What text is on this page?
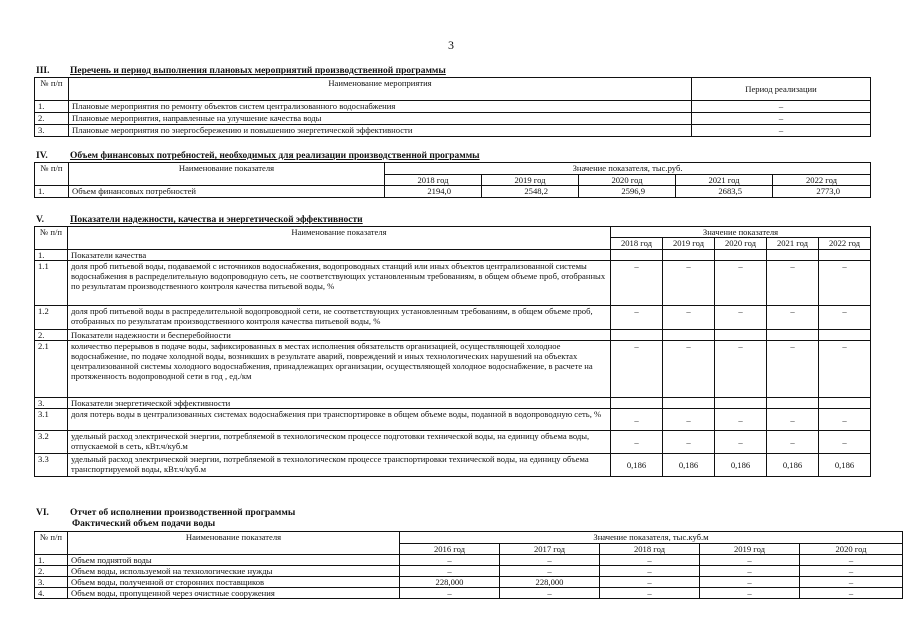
3
III. Перечень и период выполнения плановых мероприятий производственной программы
№ п/п	Наименование мероприятия	Период реализации
1.	Плановые мероприятия по ремонту объектов систем централизованного водоснабжения	–
2.	Плановые мероприятия, направленные на улучшение качества воды	–
3.	Плановые мероприятия по энергосбережению и повышению энергетической эффективности	–
IV. Объем финансовых потребностей, необходимых для реализации производственной программы
№ п/п	Наименование показателя	Значение показателя, тыс.руб.				
		2018 год	2019 год	2020 год	2021 год	2022 год
1.	Объем финансовых потребностей	2194,0	2548,2	2596,9	2683,5	2773,0
V.	Показатели надежности, качества и энергетической эффективности
№ п/п	Наименование показателя	Значение показателя				
		2018 год	2019 год	2020 год	2021 год	2022 год
1.	Показатели качества					
1.1	доля проб питьевой воды, подаваемой с источников водоснабжения, водопроводных станций или иных объектов централизованной системы водоснабжения в распределительную водопроводную сеть, не соответствующих установленным требованиям, в общем объеме проб, отобранных по результатам производственного контроля качества питьевой воды, %	–	–	–	–	–
1.2	доля проб питьевой воды в распределительной водопроводной сети, не соответствующих установленным требованиям, в общем объеме проб, отобранных по результатам производственного контроля качества питьевой воды, %	–	–	–	–	–
2.	Показатели надежности и бесперебойности					
2.1	количество перерывов в подаче воды, зафиксированных в местах исполнения обязательств организацией, осуществляющей холодное водоснабжение, по подаче холодной воды, возникших в результате аварий, повреждений и иных технологических нарушений на объектах централизованной системы холодного водоснабжения, принадлежащих организации, осуществляющей холодное водоснабжение, в расчете на протяженность водопроводной сети в год , ед./км	–	–	–	–	–
3.	Показатели энергетической эффективности					
3.1	доля потерь воды в централизованных системах водоснабжения при транспортировке в общем объеме воды, поданной в водопроводную сеть, %	–	–	–	–	–
3.2	удельный расход электрической энергии, потребляемой в технологическом процессе подготовки технической воды, на единицу объема воды, отпускаемой в сеть, кВт.ч/куб.м	–	–	–	–	–
3.3	удельный расход электрической энергии, потребляемой в технологическом процессе транспортировки технической воды, на единицу объема транспортируемой воды, кВт.ч/куб.м	0,186	0,186	0,186	0,186	0,186
VI. Отчет об исполнении производственной программы
Фактический объем подачи воды
№ п/п	Наименование показателя	Значение показателя, тыс.куб.м				
		2016 год	2017 год	2018 год	2019 год	2020 год
1.	Объем поднятой воды	–	–	–	–	–
2.	Объем воды, используемой на технологические нужды	–	–	–	–	–
3.	Объем воды, полученной от сторонних поставщиков	228,000	228,000	–	–	–
4.	Объем воды, пропущенной через очистные сооружения	–	–	–	–	–
